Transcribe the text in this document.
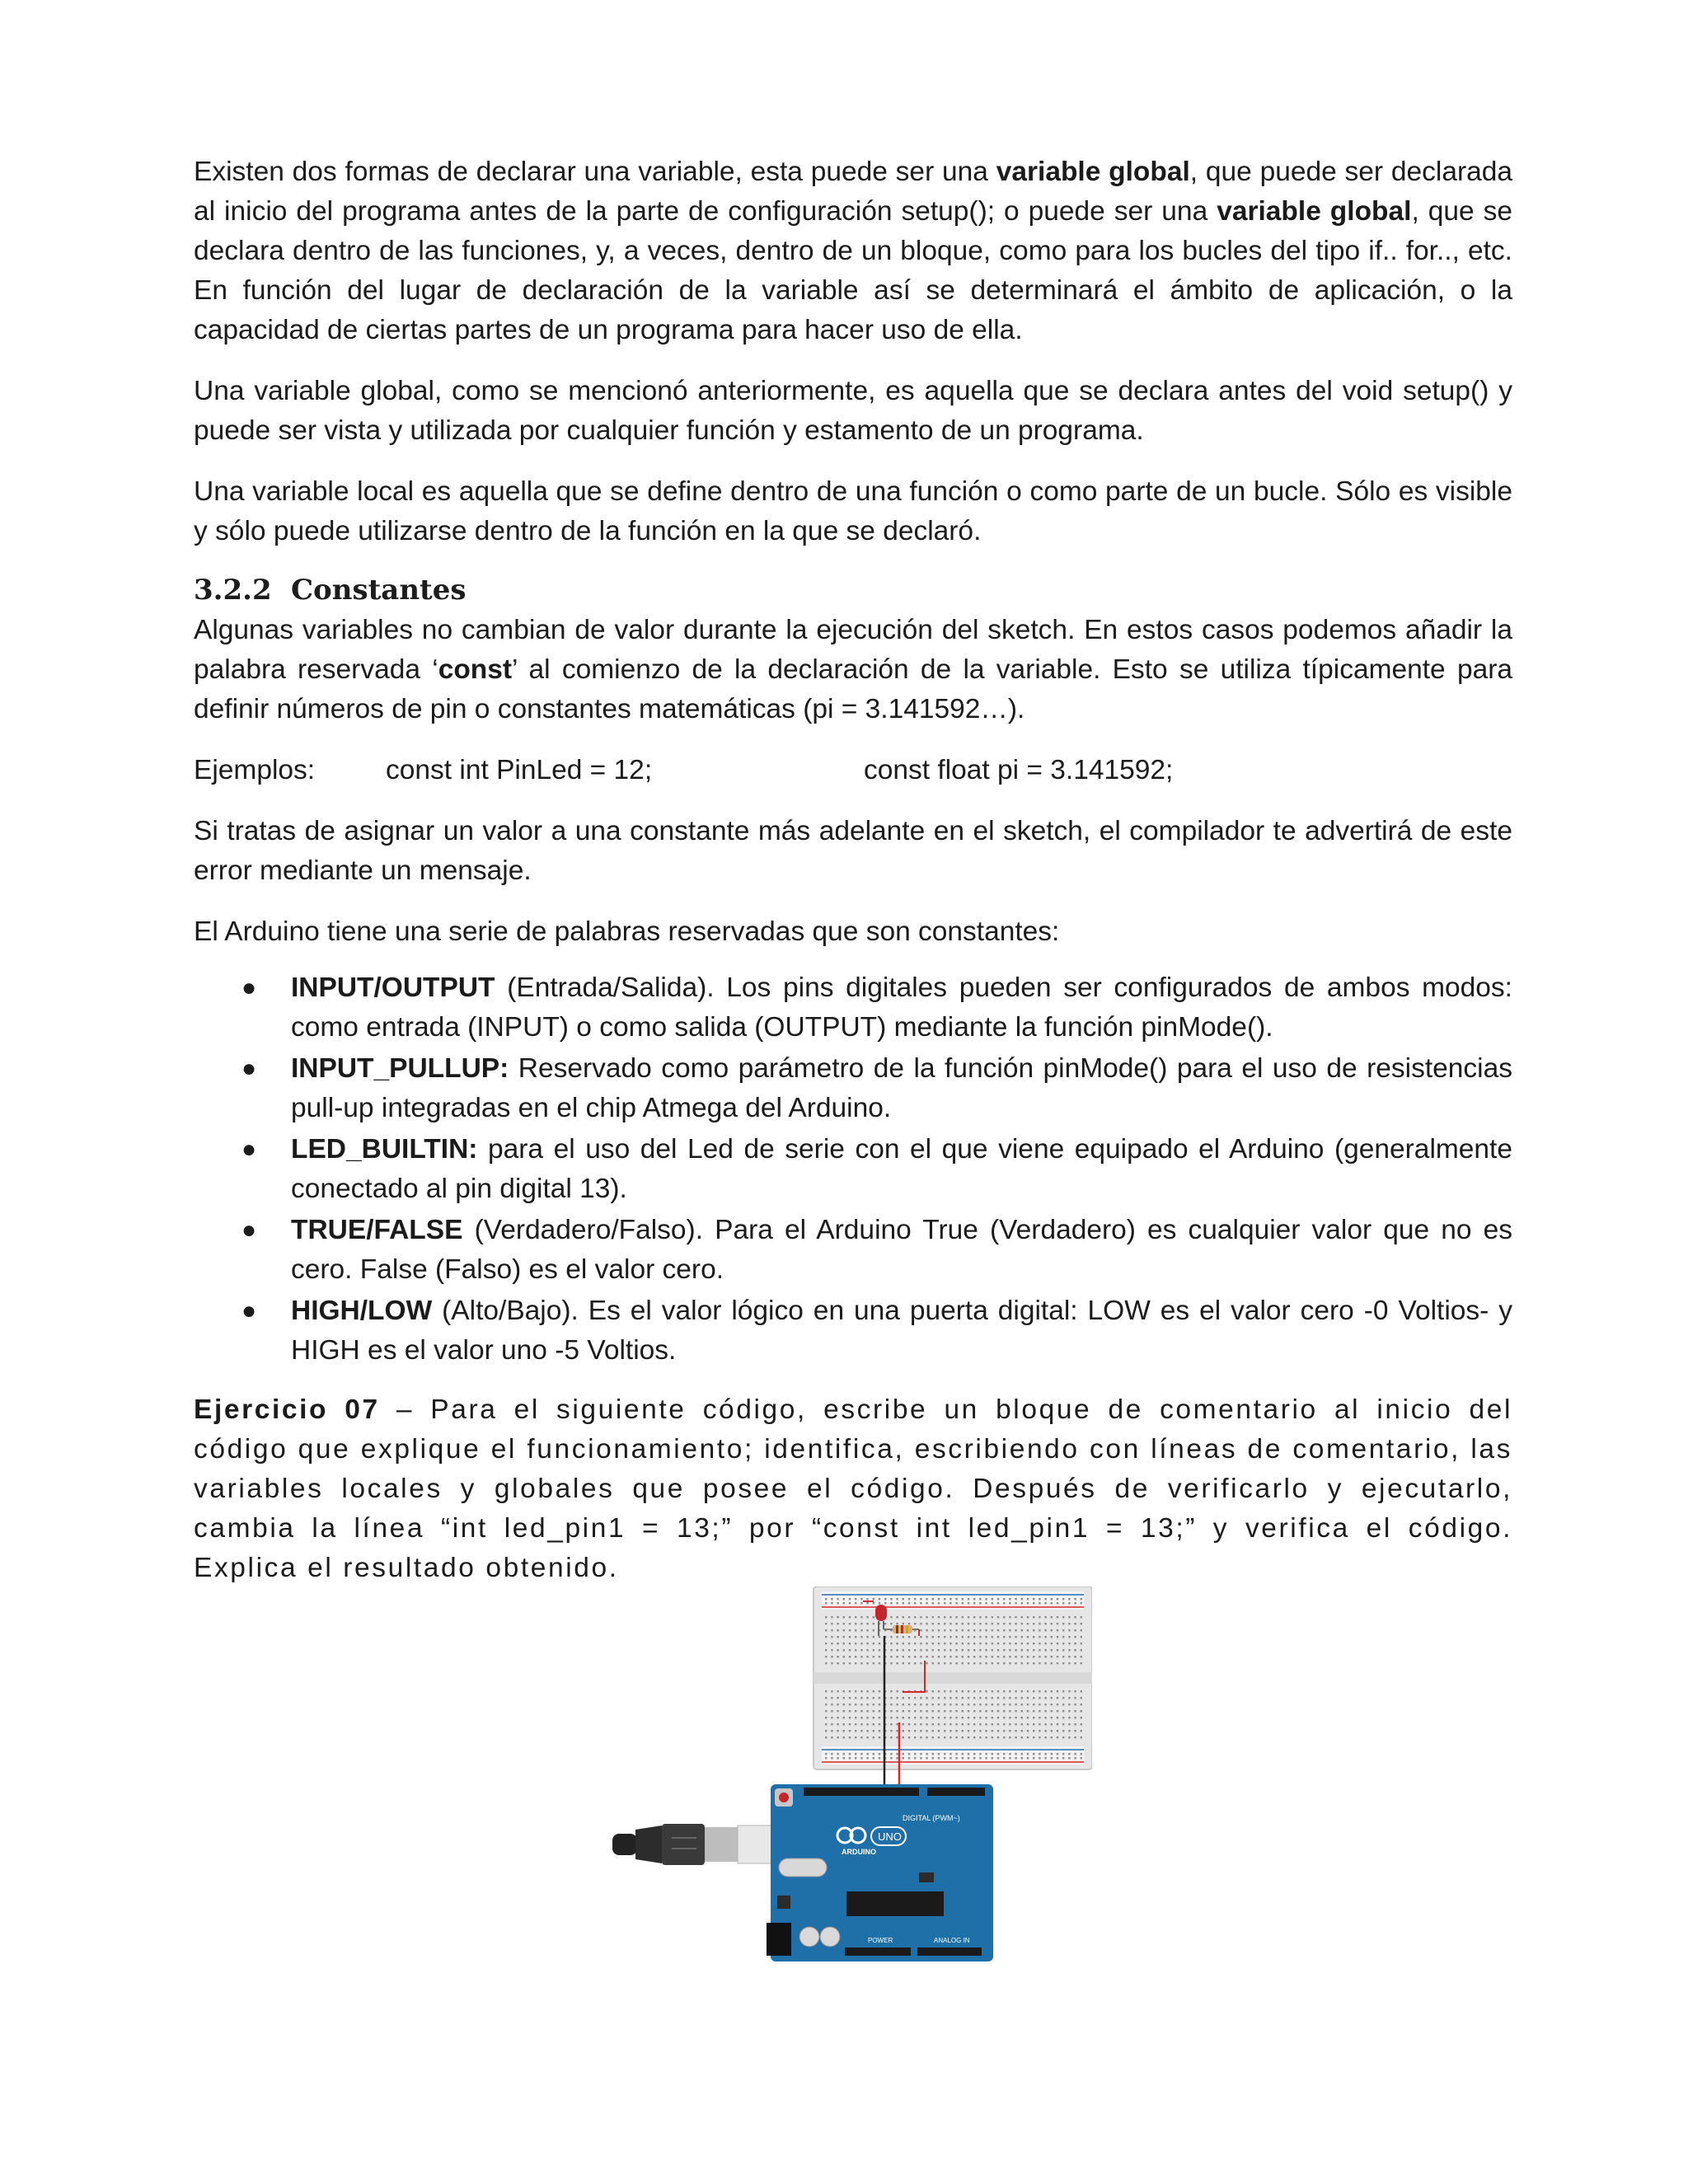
Existen dos formas de declarar una variable, esta puede ser una variable global, que puede ser declarada al inicio del programa antes de la parte de configuración setup(); o puede ser una variable global, que se declara dentro de las funciones, y, a veces, dentro de un bloque, como para los bucles del tipo if.. for.., etc. En función del lugar de declaración de la variable así se determinará el ámbito de aplicación, o la capacidad de ciertas partes de un programa para hacer uso de ella.

Una variable global, como se mencionó anteriormente, es aquella que se declara antes del void setup() y puede ser vista y utilizada por cualquier función y estamento de un programa.

Una variable local es aquella que se define dentro de una función o como parte de un bucle. Sólo es visible y sólo puede utilizarse dentro de la función en la que se declaró.

3.2.2 Constantes

Algunas variables no cambian de valor durante la ejecución del sketch. En estos casos podemos añadir la palabra reservada ‘const’ al comienzo de la declaración de la variable. Esto se utiliza típicamente para definir números de pin o constantes matemáticas (pi = 3.141592…).

Ejemplos:	const int PinLed = 12;	const float pi = 3.141592;

Si tratas de asignar un valor a una constante más adelante en el sketch, el compilador te advertirá de este error mediante un mensaje.

El Arduino tiene una serie de palabras reservadas que son constantes:

● INPUT/OUTPUT (Entrada/Salida). Los pins digitales pueden ser configurados de ambos modos: como entrada (INPUT) o como salida (OUTPUT) mediante la función pinMode().
● INPUT_PULLUP: Reservado como parámetro de la función pinMode() para el uso de resistencias pull-up integradas en el chip Atmega del Arduino.
● LED_BUILTIN: para el uso del Led de serie con el que viene equipado el Arduino (generalmente conectado al pin digital 13).
● TRUE/FALSE (Verdadero/Falso). Para el Arduino True (Verdadero) es cualquier valor que no es cero. False (Falso) es el valor cero.
● HIGH/LOW (Alto/Bajo). Es el valor lógico en una puerta digital: LOW es el valor cero -0 Voltios- y HIGH es el valor uno -5 Voltios.

Ejercicio 07 – Para el siguiente código, escribe un bloque de comentario al inicio del código que explique el funcionamiento; identifica, escribiendo con líneas de comentario, las variables locales y globales que posee el código. Después de verificarlo y ejecutarlo, cambia la línea “int led_pin1 = 13;” por “const int led_pin1 = 13;” y verifica el código. Explica el resultado obtenido.

DIGITAL (PWM~)
ARDUINO
UNO
POWER	ANALOG IN
